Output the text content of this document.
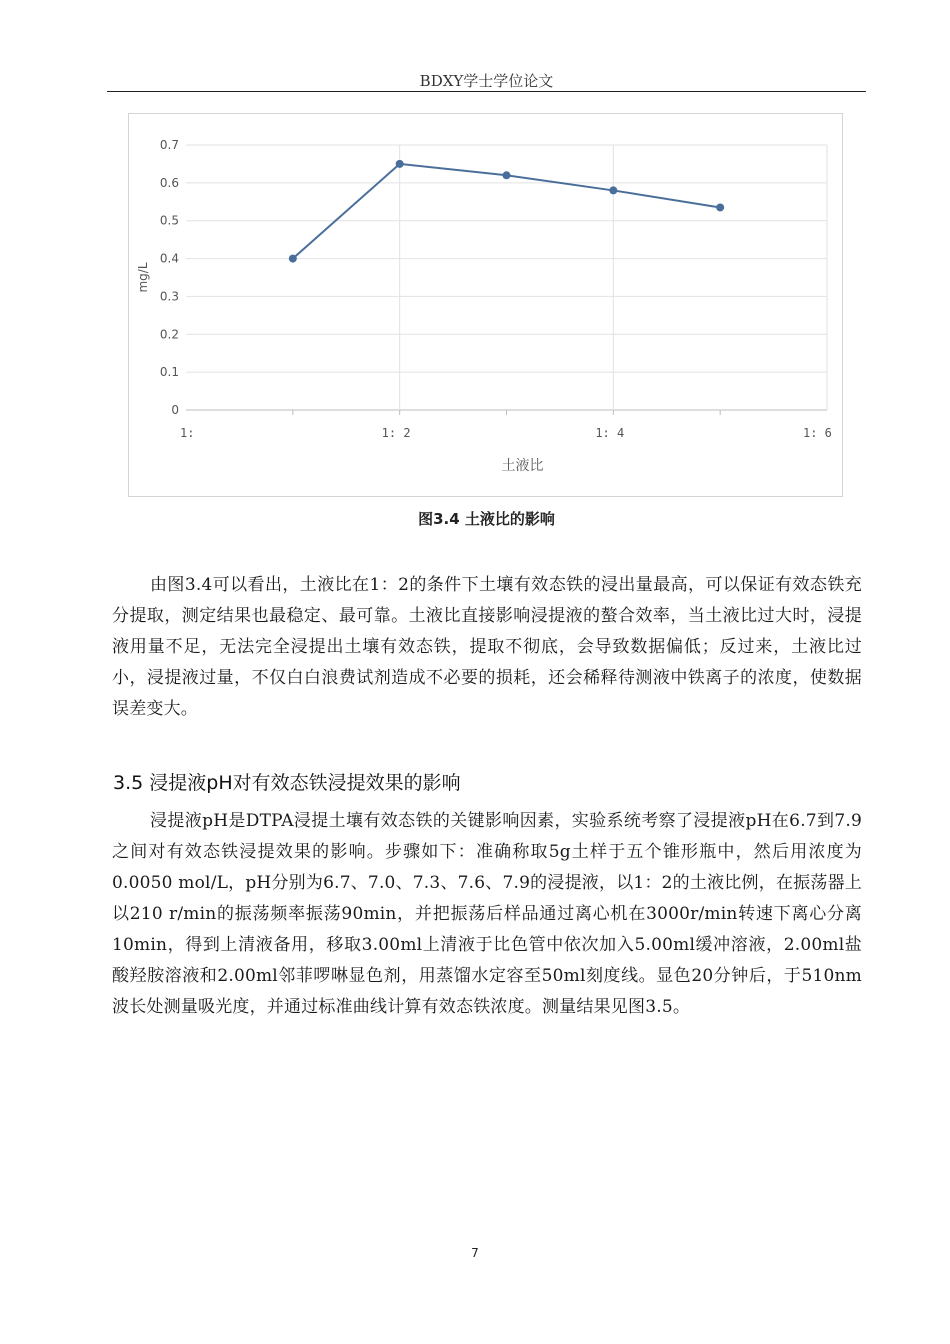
BDXY学士学位论文
0
0.1
0.2
0.3
0.4
0.5
0.6
0.7
1:	1: 2	1: 4	1: 6
土液比
mg/L
图3.4 土液比的影响

由图3.4可以看出，土液比在1：2的条件下土壤有效态铁的浸出量最高，可以保证有效态铁充分提取，测定结果也最稳定、最可靠。土液比直接影响浸提液的螯合效率，当土液比过大时，浸提液用量不足，无法完全浸提出土壤有效态铁，提取不彻底，会导致数据偏低；反过来，土液比过小，浸提液过量，不仅白白浪费试剂造成不必要的损耗，还会稀释待测液中铁离子的浓度，使数据误差变大。

3.5 浸提液pH对有效态铁浸提效果的影响

浸提液pH是DTPA浸提土壤有效态铁的关键影响因素，实验系统考察了浸提液pH在6.7到7.9之间对有效态铁浸提效果的影响。步骤如下：准确称取5g土样于五个锥形瓶中，然后用浓度为0.0050 mol/L，pH分别为6.7、7.0、7.3、7.6、7.9的浸提液，以1：2的土液比例，在振荡器上以210 r/min的振荡频率振荡90min，并把振荡后样品通过离心机在3000r/min转速下离心分离10min，得到上清液备用，移取3.00ml上清液于比色管中依次加入5.00ml缓冲溶液，2.00ml盐酸羟胺溶液和2.00ml邻菲啰啉显色剂，用蒸馏水定容至50ml刻度线。显色20分钟后，于510nm波长处测量吸光度，并通过标准曲线计算有效态铁浓度。测量结果见图3.5。

7
